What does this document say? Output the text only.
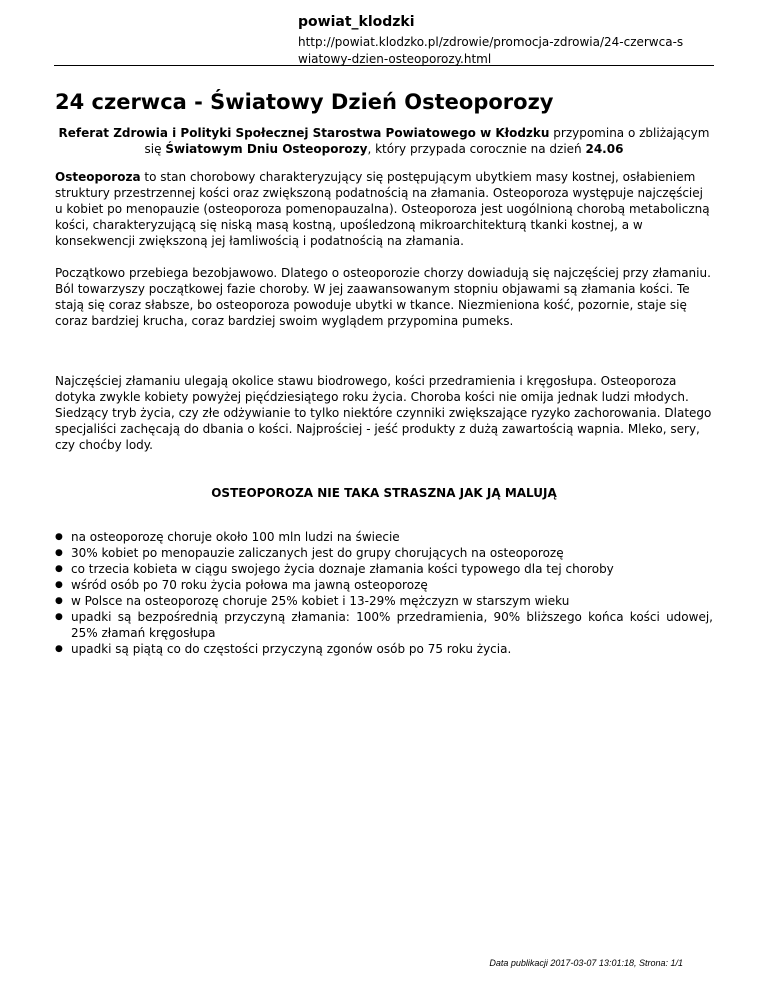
powiat_klodzki
http://powiat.klodzko.pl/zdrowie/promocja-zdrowia/24-czerwca-s
wiatowy-dzien-osteoporozy.html
24 czerwca - Światowy Dzień Osteoporozy

Referat Zdrowia i Polityki Społecznej Starostwa Powiatowego w Kłodzku przypomina o zbliżającym się Światowym Dniu Osteoporozy, który przypada corocznie na dzień 24.06

Osteoporoza to stan chorobowy charakteryzujący się postępującym ubytkiem masy kostnej, osłabieniem struktury przestrzennej kości oraz zwiększoną podatnością na złamania. Osteoporoza występuje najczęściej u kobiet po menopauzie (osteoporoza pomenopauzalna). Osteoporoza jest uogólnioną chorobą metaboliczną kości, charakteryzującą się niską masą kostną, upośledzoną mikroarchitekturą tkanki kostnej, a w konsekwencji zwiększoną jej łamliwością i podatnością na złamania.

Początkowo przebiega bezobjawowo. Dlatego o osteoporozie chorzy dowiadują się najczęściej przy złamaniu. Ból towarzyszy początkowej fazie choroby. W jej zaawansowanym stopniu objawami są złamania kości. Te stają się coraz słabsze, bo osteoporoza powoduje ubytki w tkance. Niezmieniona kość, pozornie, staje się coraz bardziej krucha, coraz bardziej swoim wyglądem przypomina pumeks.

Najczęściej złamaniu ulegają okolice stawu biodrowego, kości przedramienia i kręgosłupa. Osteoporoza dotyka zwykle kobiety powyżej pięćdziesiątego roku życia. Choroba kości nie omija jednak ludzi młodych. Siedzący tryb życia, czy złe odżywianie to tylko niektóre czynniki zwiększające ryzyko zachorowania. Dlatego specjaliści zachęcają do dbania o kości. Najprościej - jeść produkty z dużą zawartością wapnia. Mleko, sery, czy choćby lody.

OSTEOPOROZA NIE TAKA STRASZNA JAK JĄ MALUJĄ
● na osteoporozę choruje około 100 mln ludzi na świecie
● 30% kobiet po menopauzie zaliczanych jest do grupy chorujących na osteoporozę
● co trzecia kobieta w ciągu swojego życia doznaje złamania kości typowego dla tej choroby
● wśród osób po 70 roku życia połowa ma jawną osteoporozę
● w Polsce na osteoporozę choruje 25% kobiet i 13-29% mężczyzn w starszym wieku
● upadki są bezpośrednią przyczyną złamania: 100% przedramienia, 90% bliższego końca kości udowej, 25% złamań kręgosłupa
● upadki są piątą co do częstości przyczyną zgonów osób po 75 roku życia.
Data publikacji 2017-03-07 13:01:18, Strona: 1/1
